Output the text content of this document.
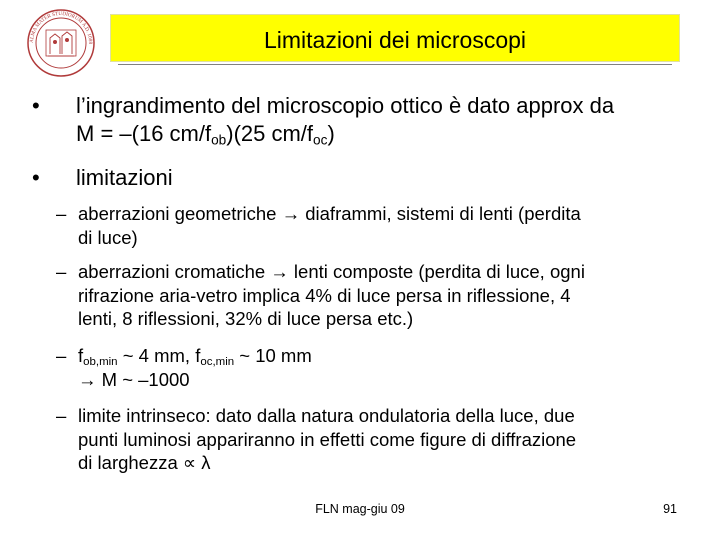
ALMA MATER STUDIORUM A.D. 1088	Limitazioni dei microscopi
• l’ingrandimento del microscopio ottico è dato approx da
M = –(16 $cm/f_{ob})(25$ $cm/f_{oc}$)
• limitazioni
– aberrazioni geometriche → diaframmi, sistemi di lenti (perdita
di luce)
– aberrazioni cromatiche → lenti composte (perdita di luce, ogni
rifrazione aria-vetro implica 4% di luce persa in riflessione, 4
lenti, 8 riflessioni, 32% di luce persa etc.)
– $f_{ob,min}$ ~ 4 mm, $f_{oc,min}$ ~ 10 mm
→ M ~ –1000
– limite intrinseco: dato dalla natura ondulatoria della luce, due
punti luminosi appariranno in effetti come figure di diffrazione
di larghezza ∝ λ
FLN mag-giu 09	91
